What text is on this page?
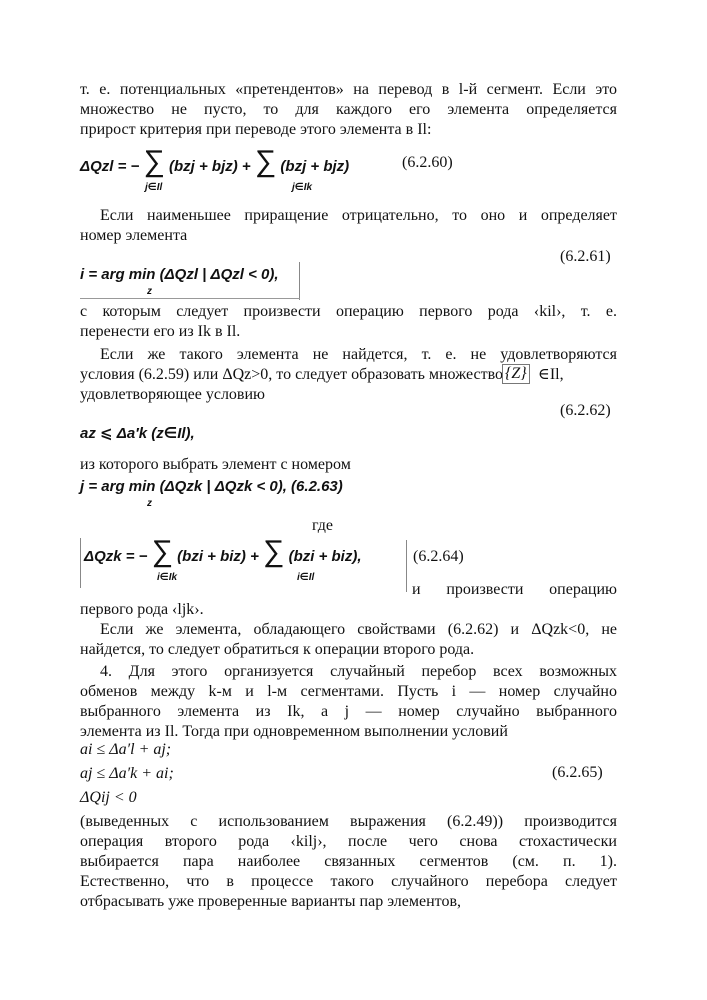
т. е. потенциальных «претендентов» на перевод в l-й сегмент. Если это
множество не пусто, то для каждого его элемента определяется
прирост критерия при переводе этого элемента в Il:
ΔQzl = − ∑ (bzj + bjz) + ∑ (bzj + bjz)
j∈Il	j∈Ik
(6.2.60)
Если наименьшее приращение отрицательно, то оно и определяет
номер элемента
(6.2.61)
i = arg min (ΔQzl | ΔQzl < 0),
z
с которым следует произвести операцию первого рода ‹kil›, т. е.
перенести его из Ik в Il.
Если же такого элемента не найдется, т. е. не удовлетворяются
условия (6.2.59) или ΔQz>0, то следует образовать множество {Z} ∈Il,
удовлетворяющее условию
(6.2.62)
az ⩽ Δa′k (z∈Il),
из которого выбрать элемент с номером
j = arg min (ΔQzk | ΔQzk < 0), (6.2.63)
z
где
ΔQzk = − ∑ (bzi + biz) + ∑ (bzi + biz),
i∈Ik	i∈Il
(6.2.64)
и произвести операцию
первого рода ‹ljk›.
Если же элемента, обладающего свойствами (6.2.62) и ΔQzk<0, не
найдется, то следует обратиться к операции второго рода.
4. Для этого организуется случайный перебор всех возможных
обменов между k-м и l-м сегментами. Пусть i — номер случайно
выбранного элемента из Ik, а j — номер случайно выбранного
элемента из Il. Тогда при одновременном выполнении условий
ai ≤ Δa′l + aj;
aj ≤ Δa′k + ai;	(6.2.65)
ΔQij < 0
(выведенных с использованием выражения (6.2.49)) производится
операция второго рода ‹kilj›, после чего снова стохастически
выбирается пара наиболее связанных сегментов (см. п. 1).
Естественно, что в процессе такого случайного перебора следует
отбрасывать уже проверенные варианты пар элементов,
